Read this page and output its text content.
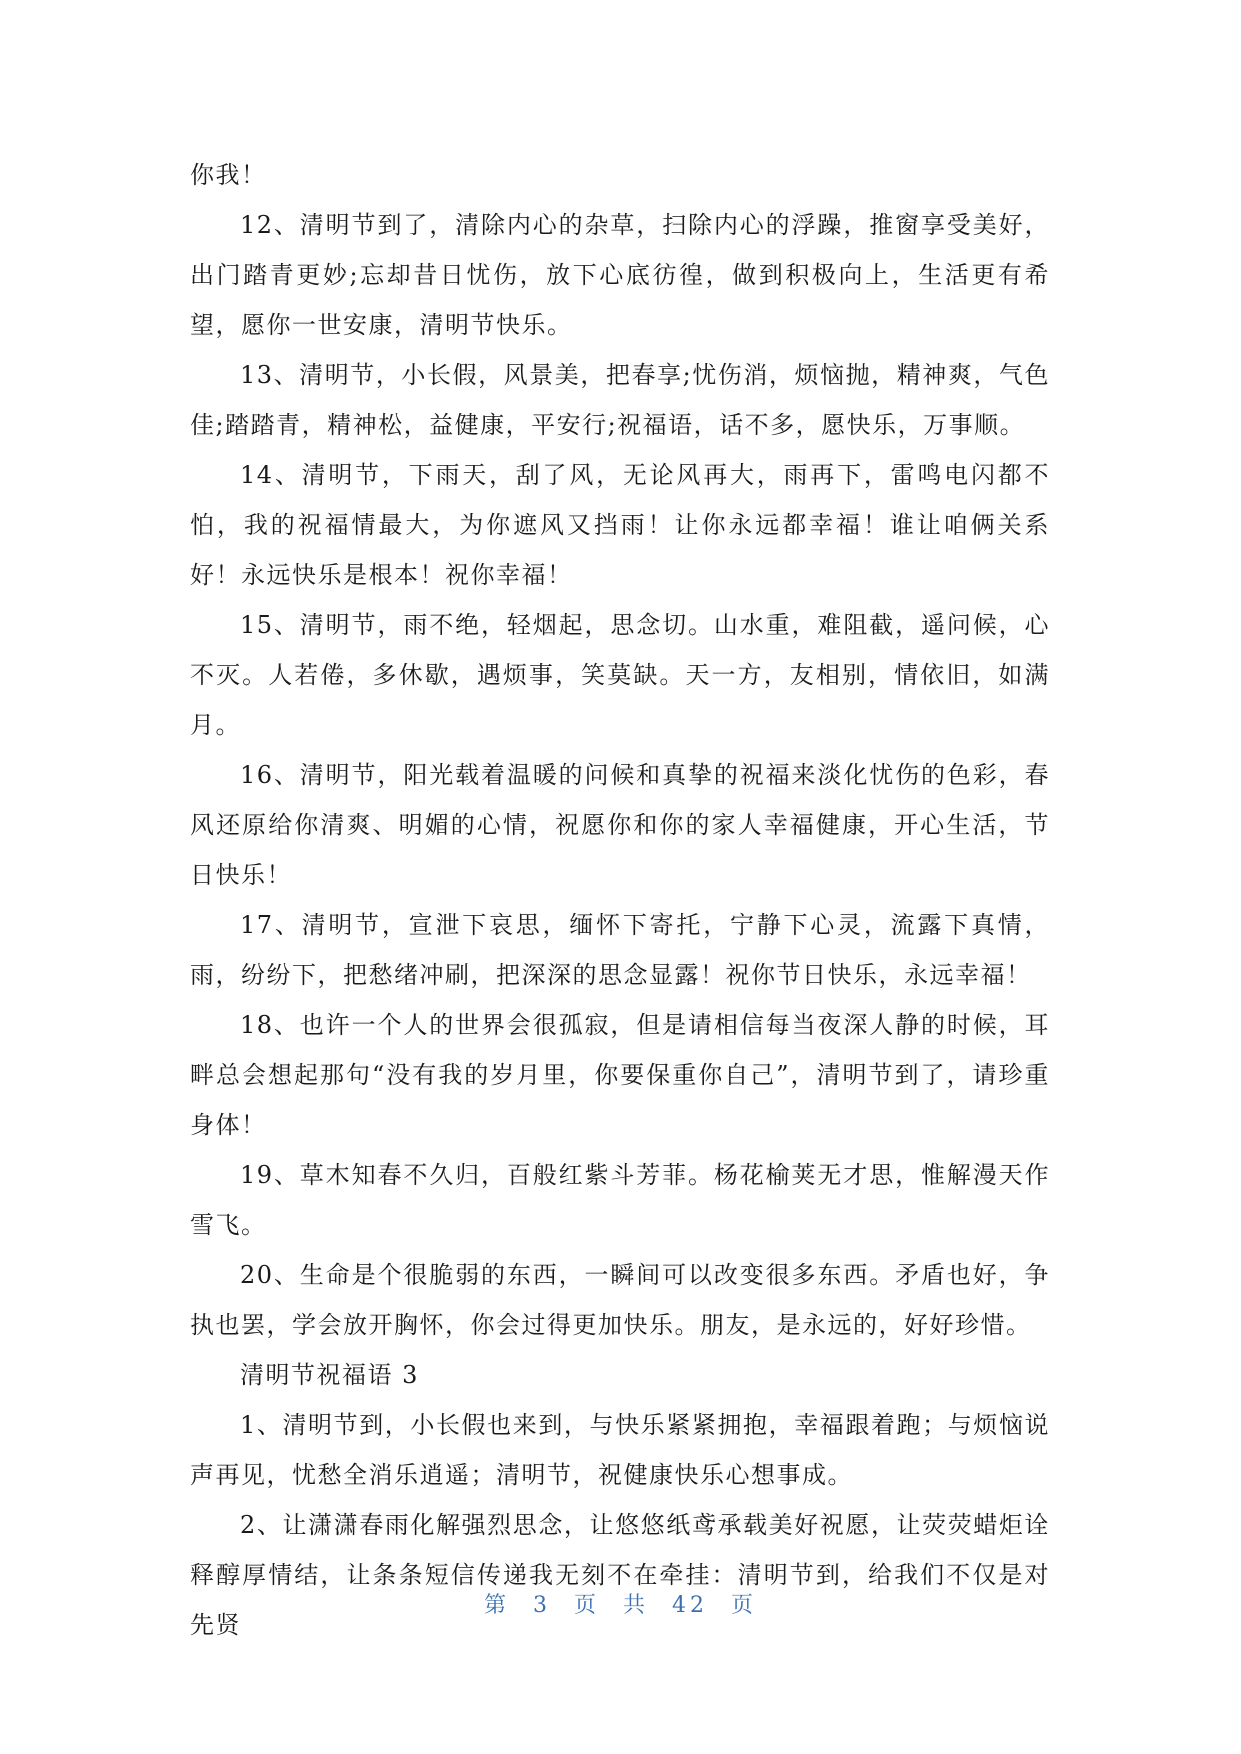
你我！

12、清明节到了，清除内心的杂草，扫除内心的浮躁，推窗享受美好，出门踏青更妙;忘却昔日忧伤，放下心底彷徨，做到积极向上，生活更有希望，愿你一世安康，清明节快乐。

13、清明节，小长假，风景美，把春享;忧伤消，烦恼抛，精神爽，气色佳;踏踏青，精神松，益健康，平安行;祝福语，话不多，愿快乐，万事顺。

14、清明节，下雨天，刮了风，无论风再大，雨再下，雷鸣电闪都不怕，我的祝福情最大，为你遮风又挡雨！让你永远都幸福！谁让咱俩关系好！永远快乐是根本！祝你幸福！

15、清明节，雨不绝，轻烟起，思念切。山水重，难阻截，遥问候，心不灭。人若倦，多休歇，遇烦事，笑莫缺。天一方，友相别，情依旧，如满月。

16、清明节，阳光载着温暖的问候和真挚的祝福来淡化忧伤的色彩，春风还原给你清爽、明媚的心情，祝愿你和你的家人幸福健康，开心生活，节日快乐！

17、清明节，宣泄下哀思，缅怀下寄托，宁静下心灵，流露下真情，雨，纷纷下，把愁绪冲刷，把深深的思念显露！祝你节日快乐，永远幸福！

18、也许一个人的世界会很孤寂，但是请相信每当夜深人静的时候，耳畔总会想起那句“没有我的岁月里，你要保重你自己”，清明节到了，请珍重身体！

19、草木知春不久归，百般红紫斗芳菲。杨花榆荚无才思，惟解漫天作雪飞。

20、生命是个很脆弱的东西，一瞬间可以改变很多东西。矛盾也好，争执也罢，学会放开胸怀，你会过得更加快乐。朋友，是永远的，好好珍惜。

清明节祝福语 3

1、清明节到，小长假也来到，与快乐紧紧拥抱，幸福跟着跑；与烦恼说声再见，忧愁全消乐逍遥；清明节，祝健康快乐心想事成。

2、让潇潇春雨化解强烈思念，让悠悠纸鸢承载美好祝愿，让荧荧蜡炬诠释醇厚情结，让条条短信传递我无刻不在牵挂：清明节到，给我们不仅是对先贤

第 3 页 共 42 页
